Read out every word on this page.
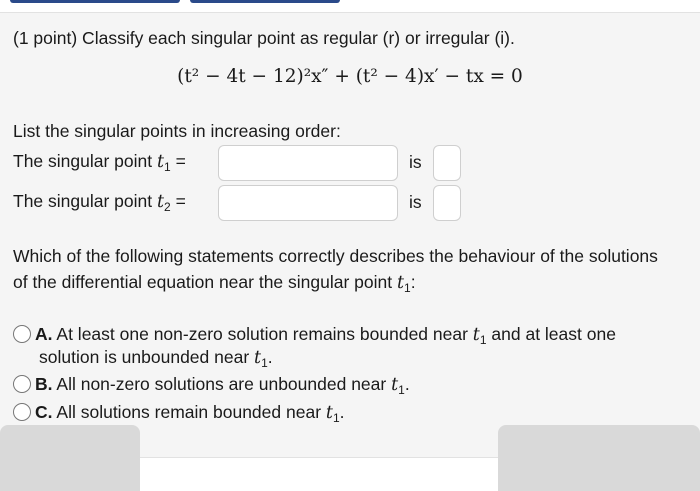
(1 point) Classify each singular point as regular (r) or irregular (i).
(t² − 4t − 12)²x″ + (t² − 4)x′ − tx = 0
List the singular points in increasing order:
The singular point $t_1$ =	is
The singular point $t_2$ =	is
Which of the following statements correctly describes the behaviour of the solutions of the differential equation near the singular point $t_1$:
A. At least one non-zero solution remains bounded near $t_1$ and at least one
solution is unbounded near $t_1$.
B. All non-zero solutions are unbounded near $t_1$.
C. All solutions remain bounded near $t_1$.
